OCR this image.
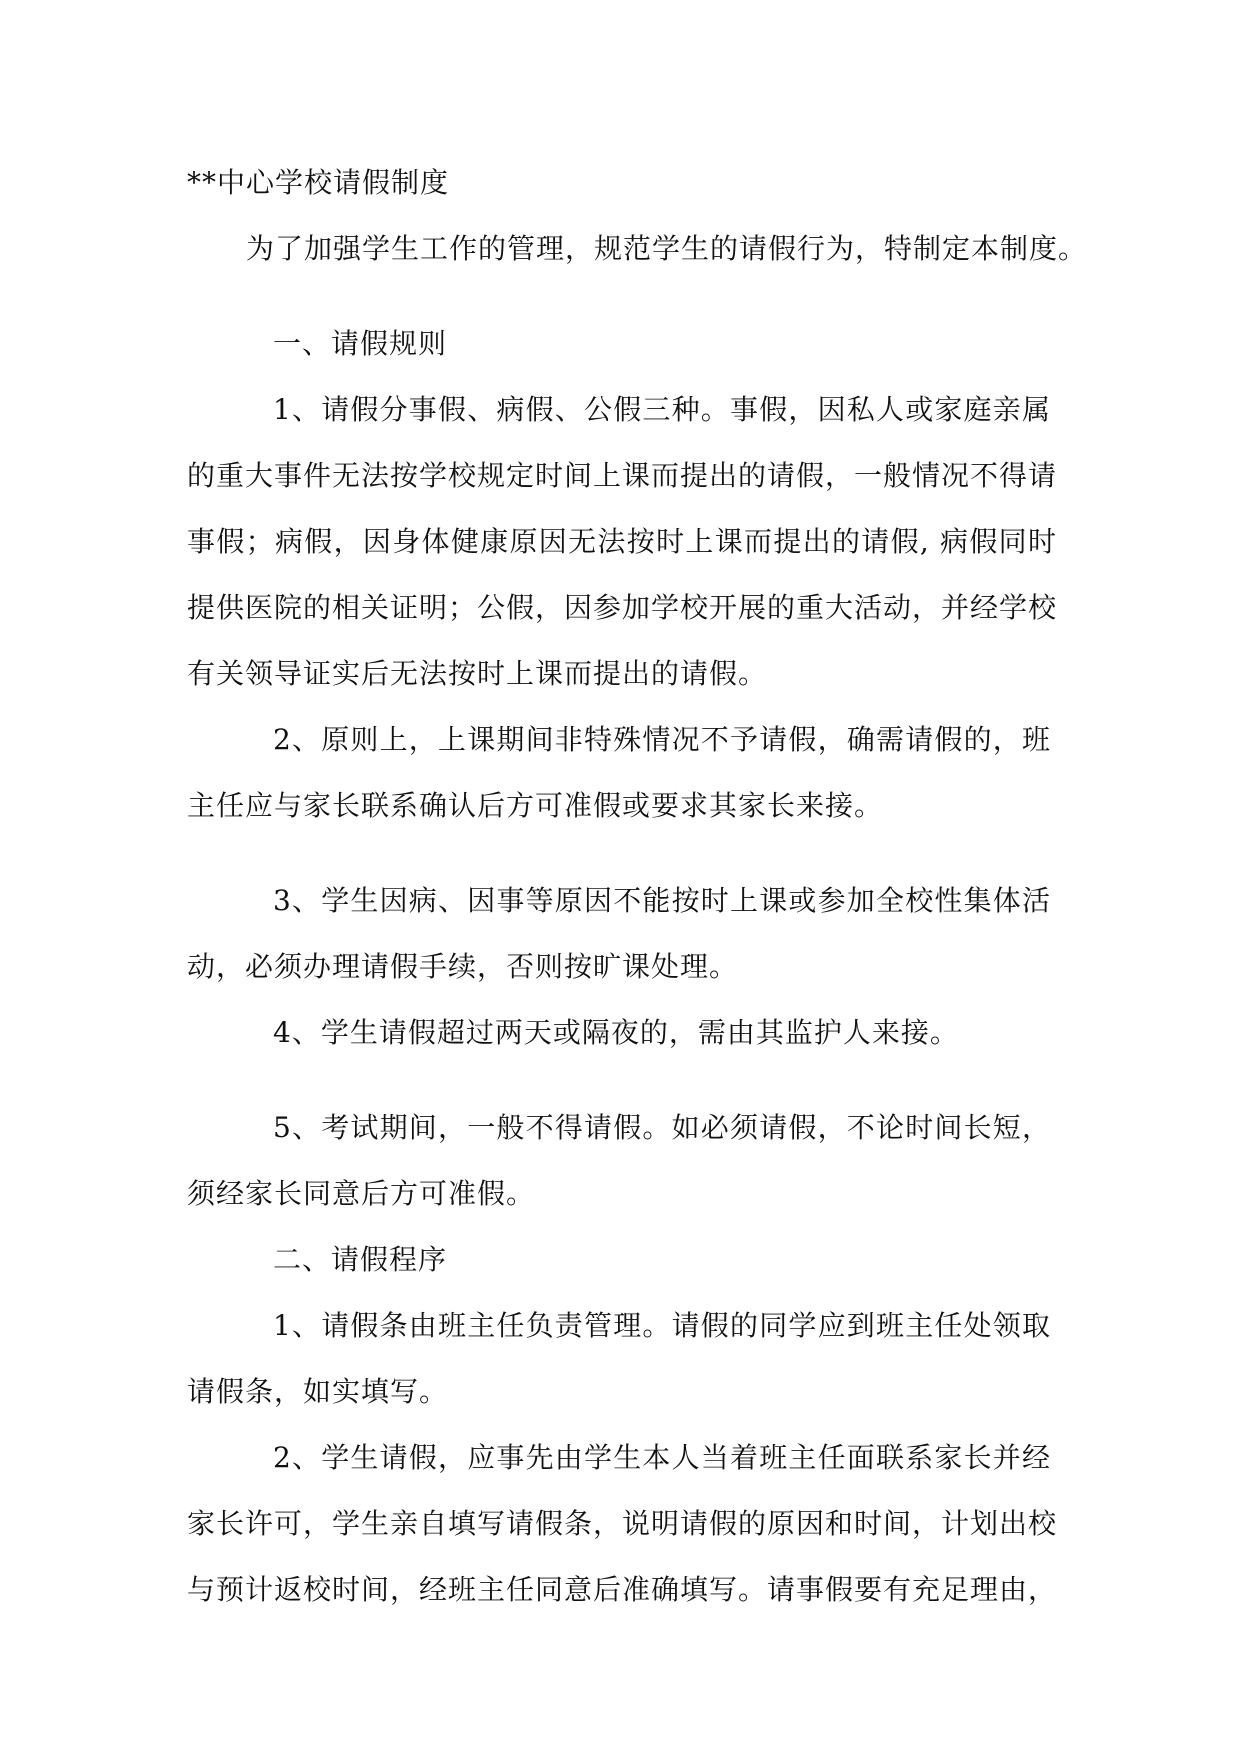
**中心学校请假制度
为了加强学生工作的管理，规范学生的请假行为，特制定本制度。
一、请假规则
1、请假分事假、病假、公假三种。事假，因私人或家庭亲属
的重大事件无法按学校规定时间上课而提出的请假，一般情况不得请
事假；病假，因身体健康原因无法按时上课而提出的请假, 病假同时
提供医院的相关证明；公假，因参加学校开展的重大活动，并经学校
有关领导证实后无法按时上课而提出的请假。
2、原则上，上课期间非特殊情况不予请假，确需请假的，班
主任应与家长联系确认后方可准假或要求其家长来接。
3、学生因病、因事等原因不能按时上课或参加全校性集体活
动，必须办理请假手续，否则按旷课处理。
4、学生请假超过两天或隔夜的，需由其监护人来接。
5、考试期间，一般不得请假。如必须请假，不论时间长短，
须经家长同意后方可准假。
二、请假程序
1、请假条由班主任负责管理。请假的同学应到班主任处领取
请假条，如实填写。
2、学生请假，应事先由学生本人当着班主任面联系家长并经
家长许可，学生亲自填写请假条，说明请假的原因和时间，计划出校
与预计返校时间，经班主任同意后准确填写。请事假要有充足理由，
